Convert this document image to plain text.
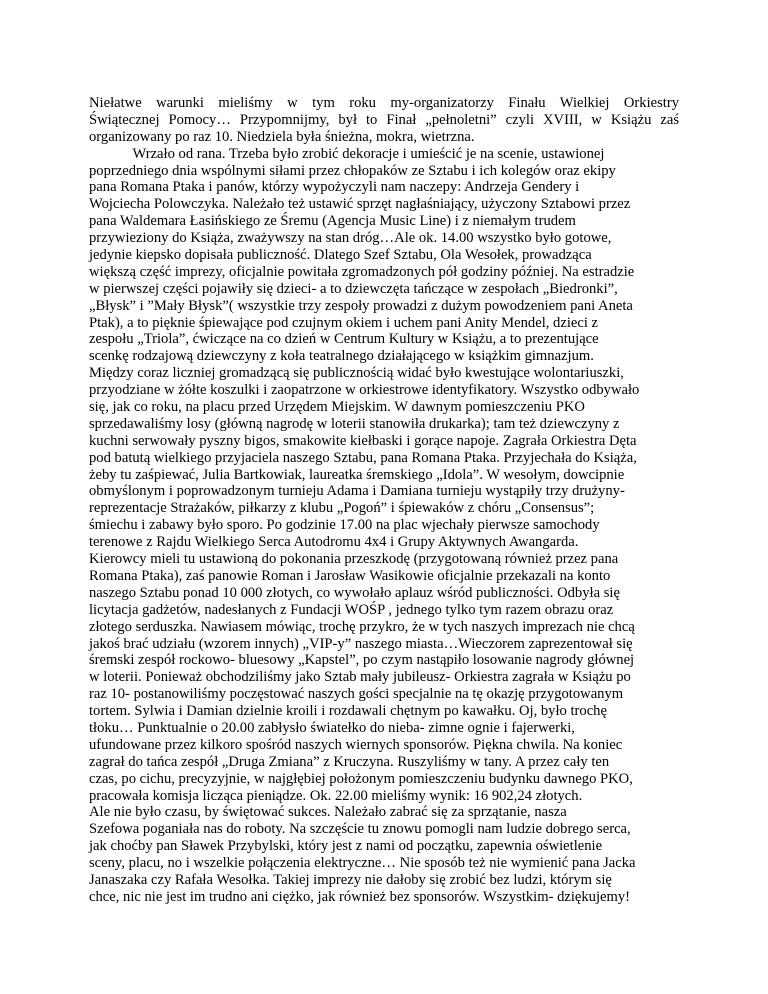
Niełatwe warunki mieliśmy w tym roku my-organizatorzy Finału Wielkiej Orkiestry
Świątecznej Pomocy… Przypomnijmy, był to Finał „pełnoletni” czyli XVIII, w Książu zaś
organizowany po raz 10. Niedziela była śnieżna, mokra, wietrzna.
Wrzało od rana. Trzeba było zrobić dekoracje i umieścić je na scenie, ustawionej
poprzedniego dnia wspólnymi siłami przez chłopaków ze Sztabu i ich kolegów oraz ekipy
pana Romana Ptaka i panów, którzy wypożyczyli nam naczepy: Andrzeja Gendery i
Wojciecha Polowczyka. Należało też ustawić sprzęt nagłaśniający, użyczony Sztabowi przez
pana Waldemara Łasińskiego ze Śremu (Agencja Music Line) i z niemałym trudem
przywieziony do Książa, zważywszy na stan dróg…Ale ok. 14.00 wszystko było gotowe,
jedynie kiepsko dopisała publiczność. Dlatego Szef Sztabu, Ola Wesołek, prowadząca
większą część imprezy, oficjalnie powitała zgromadzonych pół godziny później. Na estradzie
w pierwszej części pojawiły się dzieci- a to dziewczęta tańczące w zespołach „Biedronki”,
„Błysk” i ”Mały Błysk”( wszystkie trzy zespoły prowadzi z dużym powodzeniem pani Aneta
Ptak), a to pięknie śpiewające pod czujnym okiem i uchem pani Anity Mendel, dzieci z
zespołu „Triola”, ćwiczące na co dzień w Centrum Kultury w Książu, a to prezentujące
scenkę rodzajową dziewczyny z koła teatralnego działającego w książkim gimnazjum.
Między coraz liczniej gromadzącą się publicznością widać było kwestujące wolontariuszki,
przyodziane w żółte koszulki i zaopatrzone w orkiestrowe identyfikatory. Wszystko odbywało
się, jak co roku, na placu przed Urzędem Miejskim. W dawnym pomieszczeniu PKO
sprzedawaliśmy losy (główną nagrodę w loterii stanowiła drukarka); tam też dziewczyny z
kuchni serwowały pyszny bigos, smakowite kiełbaski i gorące napoje. Zagrała Orkiestra Dęta
pod batutą wielkiego przyjaciela naszego Sztabu, pana Romana Ptaka. Przyjechała do Książa,
żeby tu zaśpiewać, Julia Bartkowiak, laureatka śremskiego „Idola”. W wesołym, dowcipnie
obmyślonym i poprowadzonym turnieju Adama i Damiana turnieju wystąpiły trzy drużyny-
reprezentacje Strażaków, piłkarzy z klubu „Pogoń” i śpiewaków z chóru „Consensus”;
śmiechu i zabawy było sporo. Po godzinie 17.00 na plac wjechały pierwsze samochody
terenowe z Rajdu Wielkiego Serca Autodromu 4x4 i Grupy Aktywnych Awangarda.
Kierowcy mieli tu ustawioną do pokonania przeszkodę (przygotowaną również przez pana
Romana Ptaka), zaś panowie Roman i Jarosław Wasikowie oficjalnie przekazali na konto
naszego Sztabu ponad 10 000 złotych, co wywołało aplauz wśród publiczności. Odbyła się
licytacja gadżetów, nadesłanych z Fundacji WOŚP , jednego tylko tym razem obrazu oraz
złotego serduszka. Nawiasem mówiąc, trochę przykro, że w tych naszych imprezach nie chcą
jakoś brać udziału (wzorem innych) „VIP-y” naszego miasta…Wieczorem zaprezentował się
śremski zespół rockowo- bluesowy „Kapstel”, po czym nastąpiło losowanie nagrody głównej
w loterii. Ponieważ obchodziliśmy jako Sztab mały jubileusz- Orkiestra zagrała w Książu po
raz 10- postanowiliśmy poczęstować naszych gości specjalnie na tę okazję przygotowanym
tortem. Sylwia i Damian dzielnie kroili i rozdawali chętnym po kawałku. Oj, było trochę
tłoku… Punktualnie o 20.00 zabłysło światełko do nieba- zimne ognie i fajerwerki,
ufundowane przez kilkoro spośród naszych wiernych sponsorów. Piękna chwila. Na koniec
zagrał do tańca zespół „Druga Zmiana” z Kruczyna. Ruszyliśmy w tany. A przez cały ten
czas, po cichu, precyzyjnie, w najgłębiej położonym pomieszczeniu budynku dawnego PKO,
pracowała komisja licząca pieniądze. Ok. 22.00 mieliśmy wynik: 16 902,24 złotych.
Ale nie było czasu, by świętować sukces. Należało zabrać się za sprzątanie, nasza
Szefowa poganiała nas do roboty. Na szczęście tu znowu pomogli nam ludzie dobrego serca,
jak choćby pan Sławek Przybylski, który jest z nami od początku, zapewnia oświetlenie
sceny, placu, no i wszelkie połączenia elektryczne… Nie sposób też nie wymienić pana Jacka
Janaszaka czy Rafała Wesołka. Takiej imprezy nie dałoby się zrobić bez ludzi, którym się
chce, nic nie jest im trudno ani ciężko, jak również bez sponsorów. Wszystkim- dziękujemy!
